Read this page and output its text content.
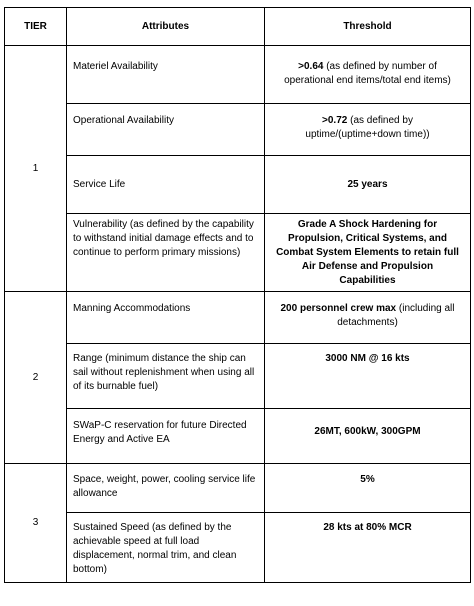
TIER	Attributes	Threshold
1	Materiel Availability	>0.64 (as defined by number of operational end items/total end items)
	Operational Availability	>0.72 (as defined by uptime/(uptime+down time))
	Service Life	25 years
	Vulnerability (as defined by the capability to withstand initial damage effects and to continue to perform primary missions)	Grade A Shock Hardening for Propulsion, Critical Systems, and Combat System Elements to retain full Air Defense and Propulsion Capabilities
2	Manning Accommodations	200 personnel crew max (including all detachments)
	Range (minimum distance the ship can sail without replenishment when using all of its burnable fuel)	3000 NM @ 16 kts
	SWaP-C reservation for future Directed Energy and Active EA	26MT, 600kW, 300GPM
3	Space, weight, power, cooling service life allowance	5%
	Sustained Speed (as defined by the achievable speed at full load displacement, normal trim, and clean bottom)	28 kts at 80% MCR
